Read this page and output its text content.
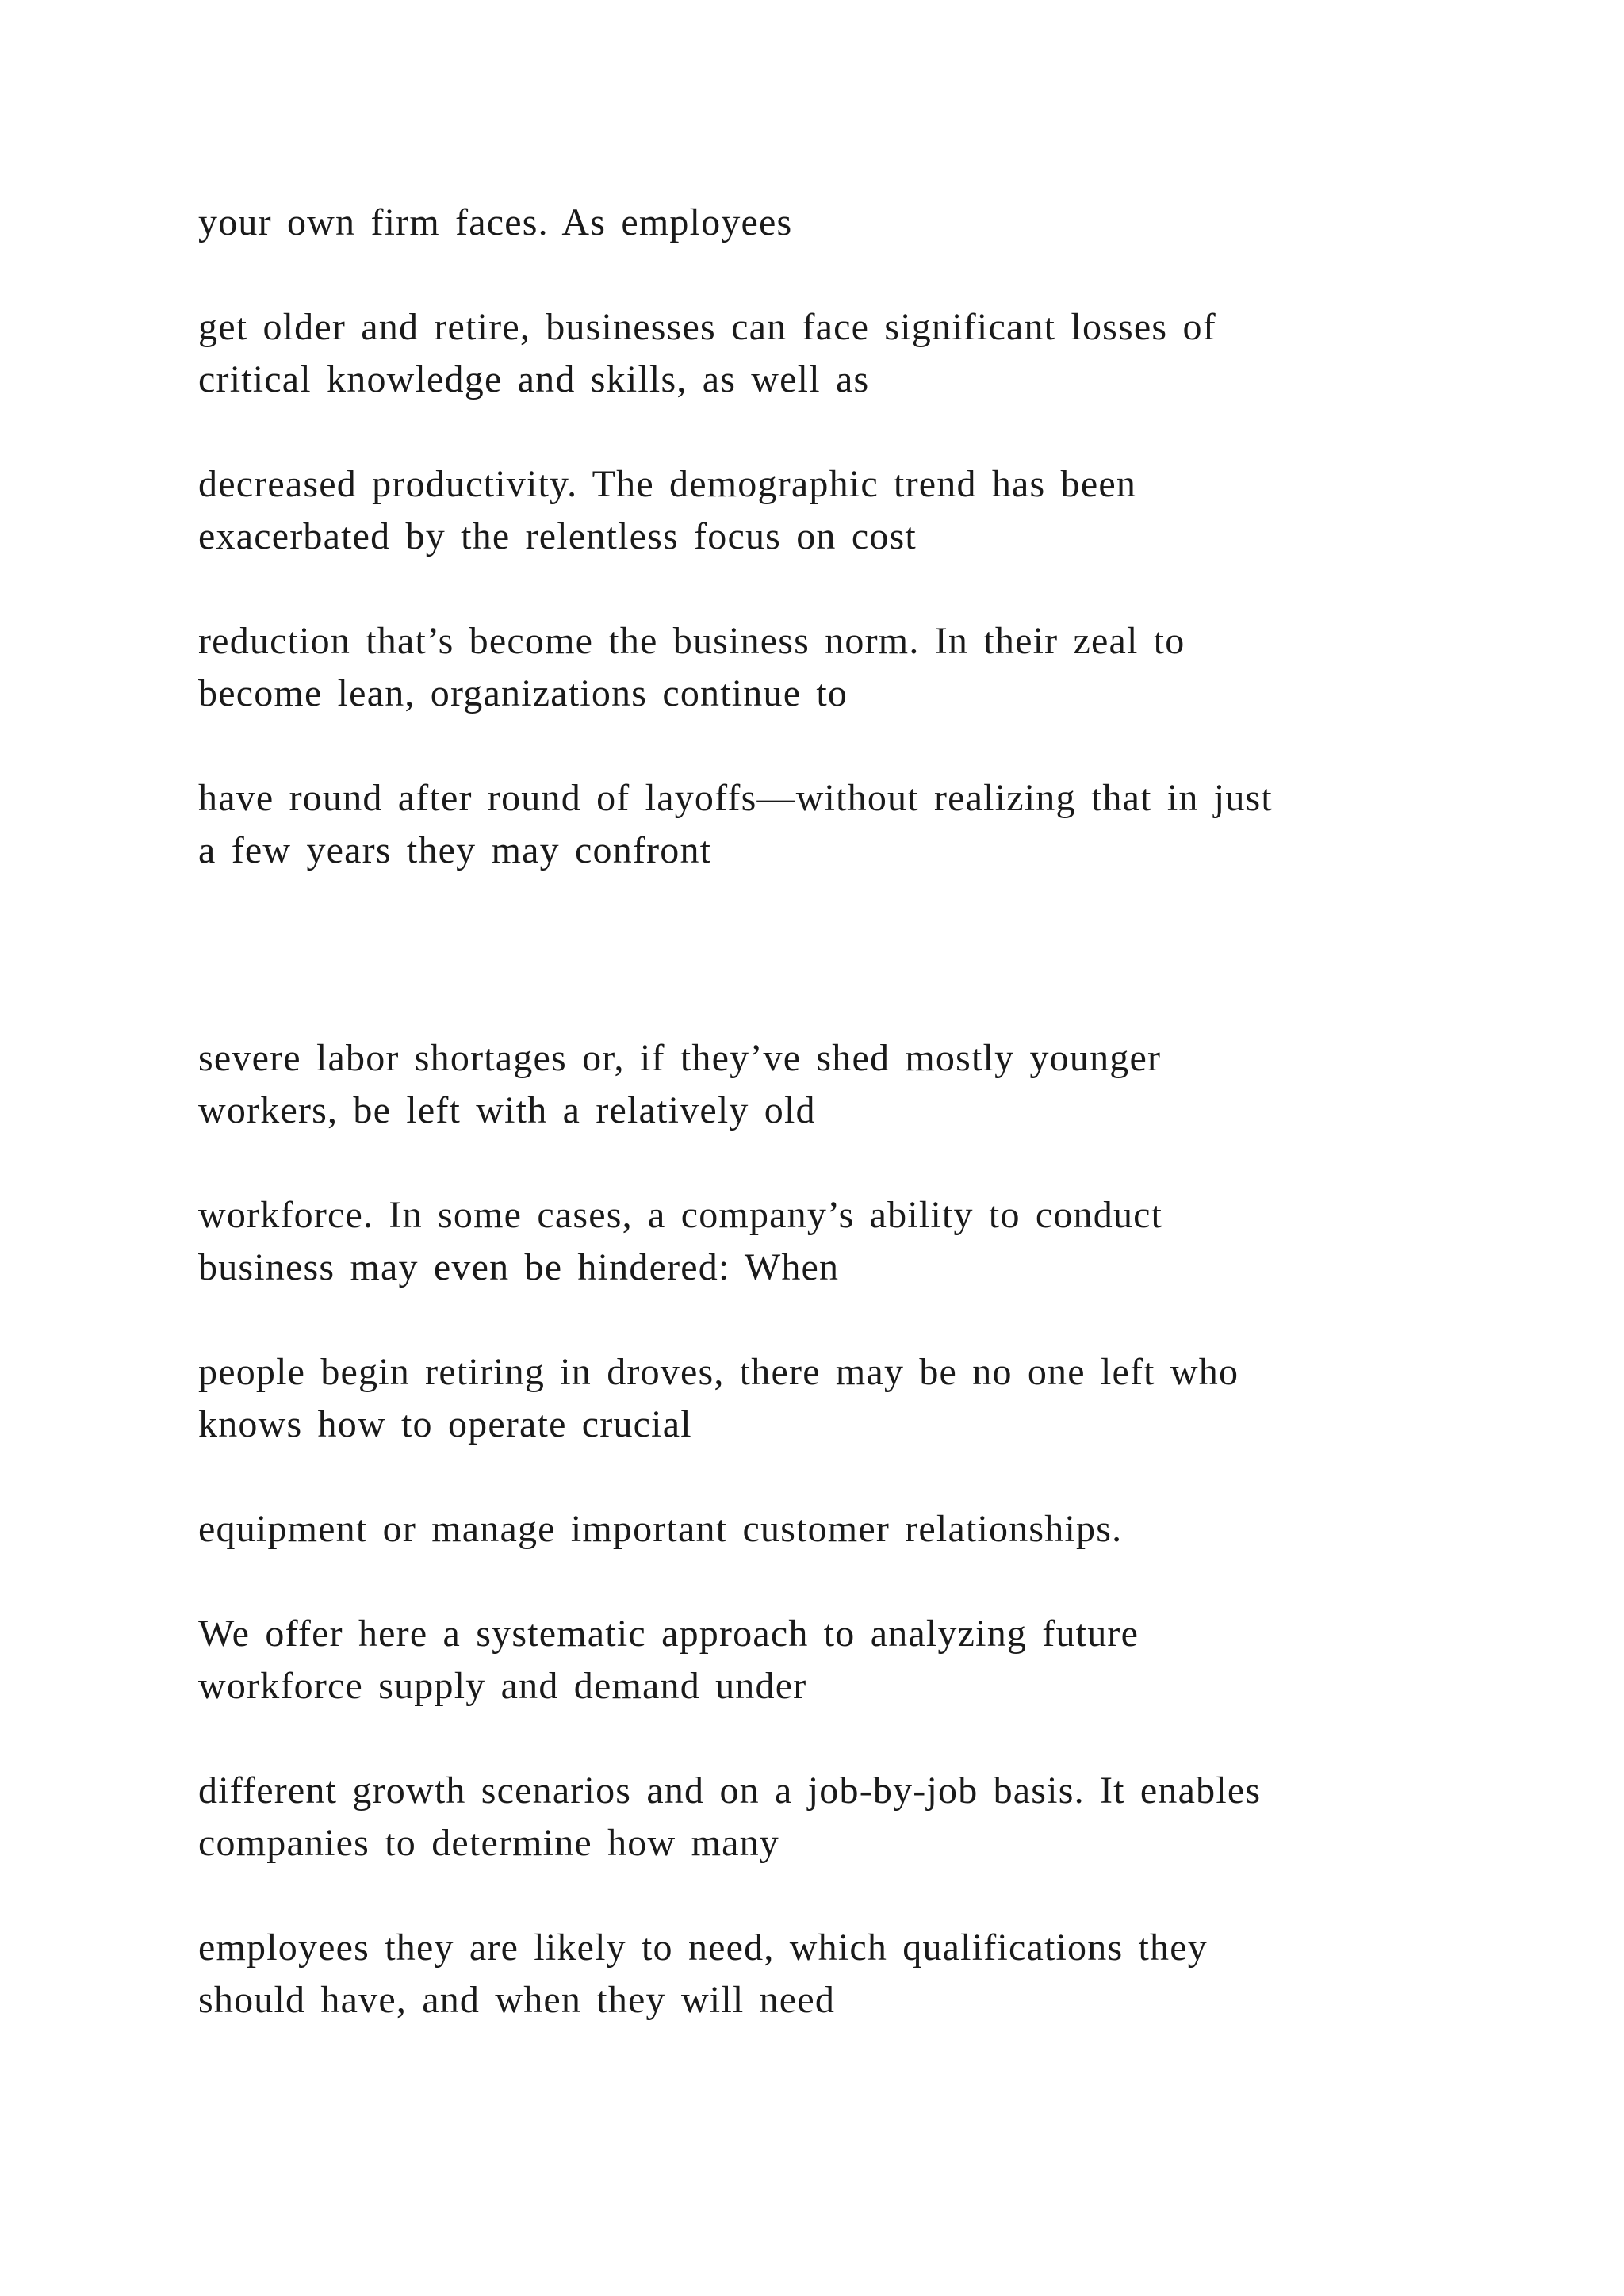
your own firm faces. As employees

get older and retire, businesses can face significant losses of
critical knowledge and skills, as well as

decreased productivity. The demographic trend has been
exacerbated by the relentless focus on cost

reduction that’s become the business norm. In their zeal to
become lean, organizations continue to

have round after round of layoffs—without realizing that in just
a few years they may confront

severe labor shortages or, if they’ve shed mostly younger
workers, be left with a relatively old

workforce. In some cases, a company’s ability to conduct
business may even be hindered: When

people begin retiring in droves, there may be no one left who
knows how to operate crucial

equipment or manage important customer relationships.

We offer here a systematic approach to analyzing future
workforce supply and demand under

different growth scenarios and on a job-by-job basis. It enables
companies to determine how many

employees they are likely to need, which qualifications they
should have, and when they will need
